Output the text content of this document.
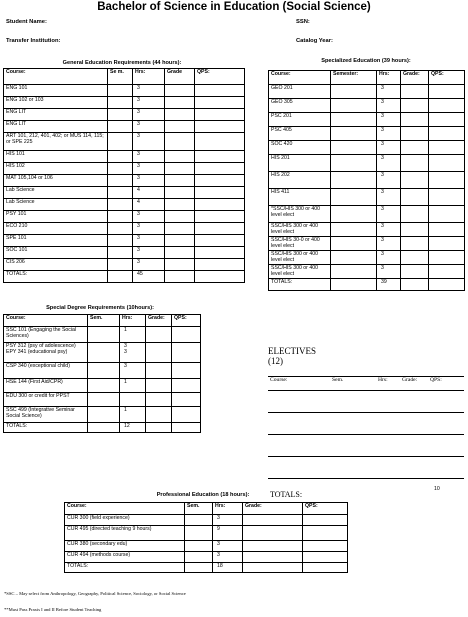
Bachelor of Science in Education (Social Science)
Student Name:	SSN:
Transfer Institution:	Catalog Year:
General Education Requirements (44 hours):
Course:	Se m.	Hrs:	Grade	QPS:
ENG 101		3		
ENG 102 or 103		3		
ENG LIT		3		
ENG LIT		3		
ART 101, 212, 401, 402; or MUS 114, 115; or SPE 225		3		
HIS 101		3		
HIS 102		3		
MAT 105,104 or 106		3		
Lab Science		4		
Lab Science		4		
PSY 101		3		
ECO 210		3		
SPE 101		3		
SOC 101		3		
CIS 206		3		
TOTALS:		45		
Specialized Education (39 hours):
Course:	Semester:	Hrs:	Grade:	QPS:
GEO 201		3		
GEO 305		3		
PSC 201		3		
PSC 405		3		
SOC 420		3		
HIS 201		3		
HIS 202		3		
HIS 411		3		
*SSC/HIS 300 or 400 level elect		3		
SSC/HIS 300 or 400 level elect		3		
SSC/HIS 30-0 or 400 level elect		3		
SSC/HIS 300 or 400 level elect		3		
SSC/HIS 300 or 400 level elect		3		
TOTALS:		39		
Special Degree Requirements (10hours):
Course:	Sem.	Hrs:	Grade:	QPS:
SSC 101 (Engaging the Social Sciences)		1		
PSY 312 (psy of adolescence) EPY 341 (educational psy)		3
3		
CSP 340 (exceptional child)		3		
HSE 144 (First Aid/CPR)		1		
EDU 300 or credit for PPST				
SSC 499 (Integrative Seminar Social Science)		1		
TOTALS:		12		
ELECTIVES
(12)
Course:	Sem.	Hrs:	Grade:	QPS:

TOTALS:				10
Professional Education (18 hours):
Course:	Sem.	Hrs:	Grade:	QPS:
CUR 300 (field experience)		3		
CUR 495 (directed teaching 9 hours)		9		
CUR 380 (secondary edu)		3		
CUR 494 (methods course)		3		
TOTALS:		18		
*SSC – May select from Anthropology, Geography, Political Science, Sociology, or Social Science
**Must Pass Praxis I and II Before Student Teaching
